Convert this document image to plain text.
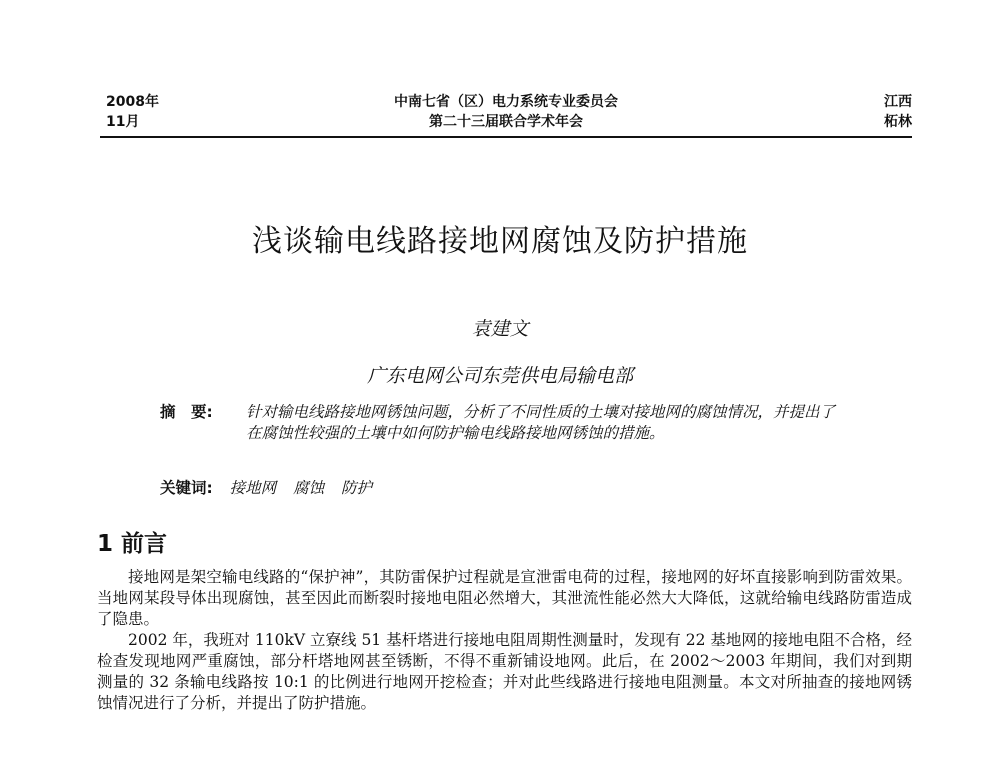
2008年
11月
中南七省（区）电力系统专业委员会
第二十三届联合学术年会
江西
柘林
浅谈输电线路接地网腐蚀及防护措施
袁建文
广东电网公司东莞供电局输电部
摘　要: 针对输电线路接地网锈蚀问题，分析了不同性质的土壤对接地网的腐蚀情况，并提出了在腐蚀性较强的土壤中如何防护输电线路接地网锈蚀的措施。
关键词: 接地网 腐蚀 防护
1 前言

接地网是架空输电线路的“保护神”，其防雷保护过程就是宣泄雷电荷的过程，接地网的好坏直接影响到防雷效果。当地网某段导体出现腐蚀，甚至因此而断裂时接地电阻必然增大，其泄流性能必然大大降低，这就给输电线路防雷造成了隐患。

2002 年，我班对 110kV 立寮线 51 基杆塔进行接地电阻周期性测量时，发现有 22 基地网的接地电阻不合格，经检查发现地网严重腐蚀，部分杆塔地网甚至锈断，不得不重新铺设地网。此后，在 2002～2003 年期间，我们对到期测量的 32 条输电线路按 10:1 的比例进行地网开挖检查；并对此些线路进行接地电阻测量。本文对所抽查的接地网锈蚀情况进行了分析，并提出了防护措施。
